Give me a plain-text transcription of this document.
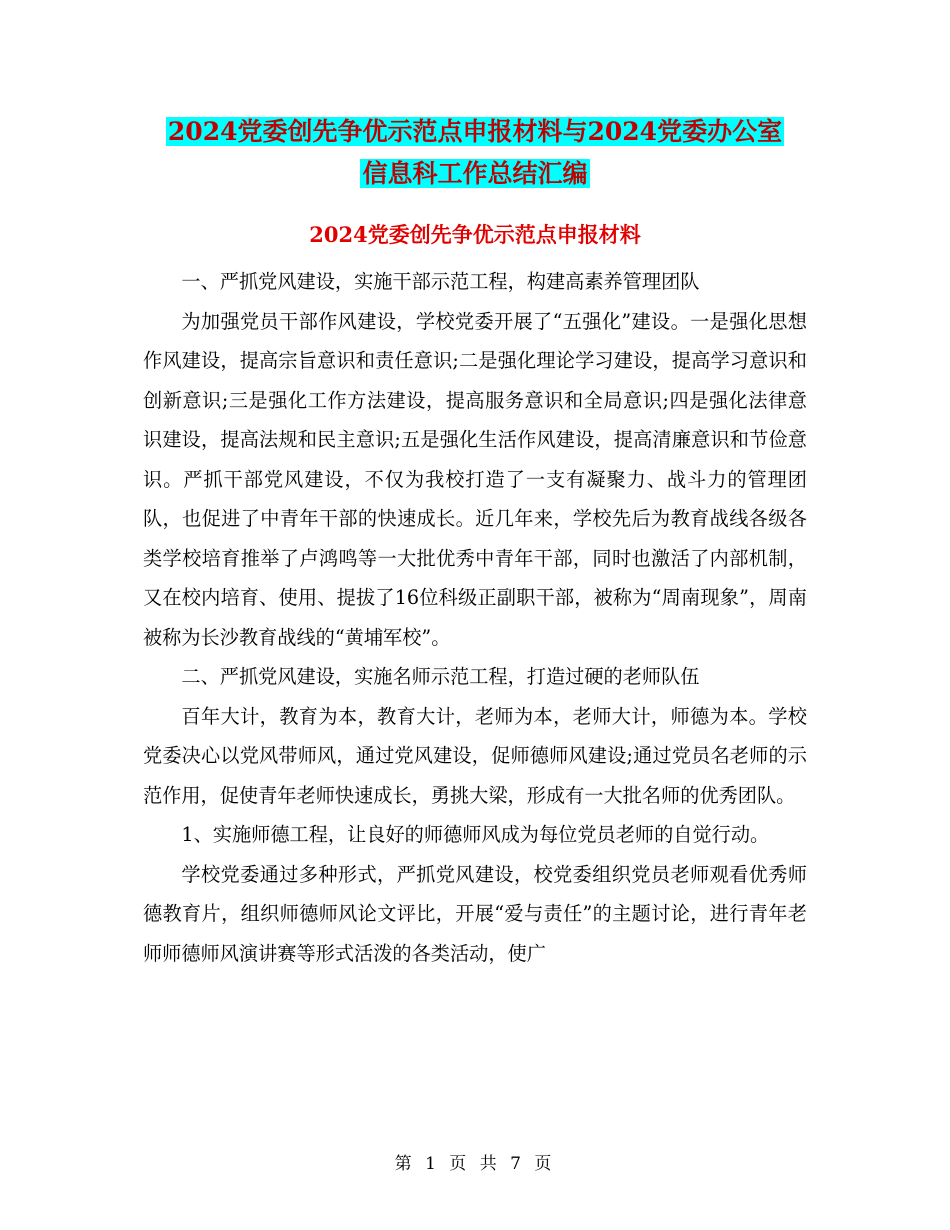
2024党委创先争优示范点申报材料与2024党委办公室
信息科工作总结汇编
2024党委创先争优示范点申报材料

一、严抓党风建设，实施干部示范工程，构建高素养管理团队

为加强党员干部作风建设，学校党委开展了“五强化”建设。一是强化思想作风建设，提高宗旨意识和责任意识;二是强化理论学习建设，提高学习意识和创新意识;三是强化工作方法建设，提高服务意识和全局意识;四是强化法律意识建设，提高法规和民主意识;五是强化生活作风建设，提高清廉意识和节俭意识。严抓干部党风建设，不仅为我校打造了一支有凝聚力、战斗力的管理团队，也促进了中青年干部的快速成长。近几年来，学校先后为教育战线各级各类学校培育推举了卢鸿鸣等一大批优秀中青年干部，同时也激活了内部机制，又在校内培育、使用、提拔了16位科级正副职干部，被称为“周南现象”，周南被称为长沙教育战线的“黄埔军校”。

二、严抓党风建设，实施名师示范工程，打造过硬的老师队伍

百年大计，教育为本，教育大计，老师为本，老师大计，师德为本。学校党委决心以党风带师风，通过党风建设，促师德师风建设;通过党员名老师的示范作用，促使青年老师快速成长，勇挑大梁，形成有一大批名师的优秀团队。

1、实施师德工程，让良好的师德师风成为每位党员老师的自觉行动。

学校党委通过多种形式，严抓党风建设，校党委组织党员老师观看优秀师德教育片，组织师德师风论文评比，开展“爱与责任”的主题讨论，进行青年老师师德师风演讲赛等形式活泼的各类活动，使广

第 1 页 共 7 页
